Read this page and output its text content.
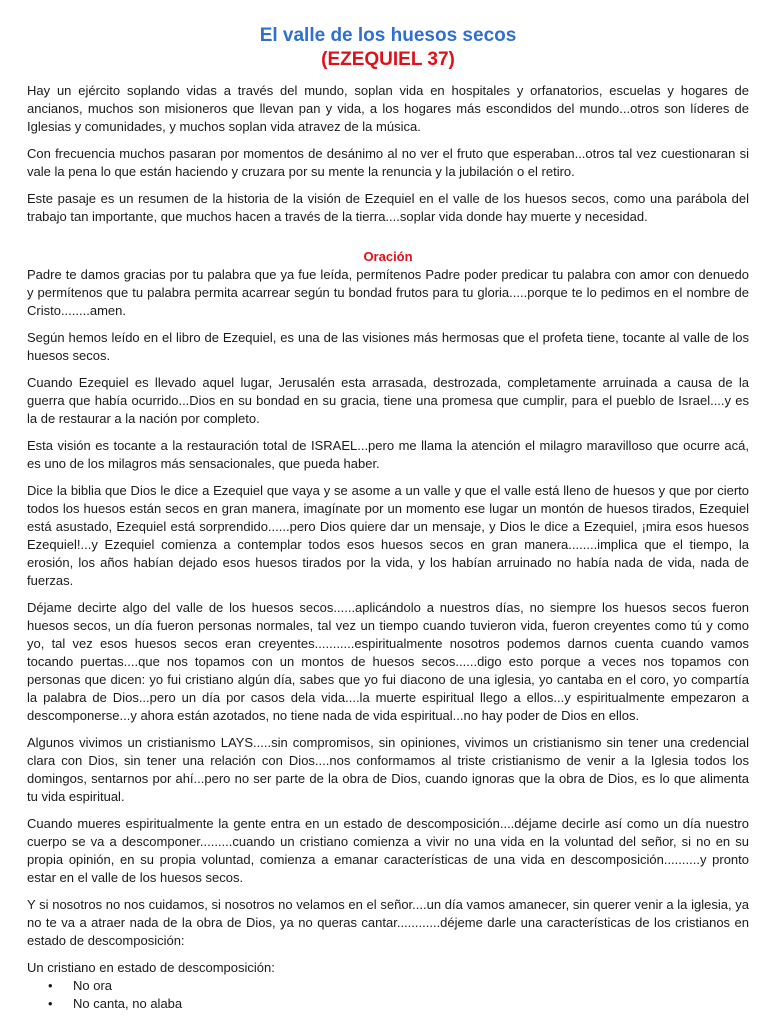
El valle de los huesos secos
(EZEQUIEL 37)

Hay un ejército soplando vidas a través del mundo, soplan vida en hospitales y orfanatorios, escuelas y hogares de ancianos, muchos son misioneros que llevan pan y vida, a los hogares más escondidos del mundo...otros son líderes de Iglesias y comunidades, y muchos soplan vida atravez de la música.

Con frecuencia muchos pasaran por momentos de desánimo al no ver el fruto que esperaban...otros tal vez cuestionaran si vale la pena lo que están haciendo y cruzara por su mente la renuncia y la jubilación o el retiro.

Este pasaje es un resumen de la historia de la visión de Ezequiel en el valle de los huesos secos, como una parábola del trabajo tan importante, que muchos hacen a través de la tierra....soplar vida donde hay muerte y necesidad.

Oración

Padre te damos gracias por tu palabra que ya fue leída, permítenos Padre poder predicar tu palabra con amor con denuedo y permítenos que tu palabra permita acarrear según tu bondad frutos para tu gloria.....porque te lo pedimos en el nombre de Cristo........amen.

Según hemos leído en el libro de Ezequiel, es una de las visiones más hermosas que el profeta tiene, tocante al valle de los huesos secos.

Cuando Ezequiel es llevado aquel lugar, Jerusalén esta arrasada, destrozada, completamente arruinada a causa de la guerra que había ocurrido...Dios en su bondad en su gracia, tiene una promesa que cumplir, para el pueblo de Israel....y es la de restaurar a la nación por completo.

Esta visión es tocante a la restauración total de ISRAEL...pero me llama la atención el milagro maravilloso que ocurre acá, es uno de los milagros más sensacionales, que pueda haber.

Dice la biblia que Dios le dice a Ezequiel que vaya y se asome a un valle y que el valle está lleno de huesos y que por cierto todos los huesos están secos en gran manera, imagínate por un momento ese lugar un montón de huesos tirados, Ezequiel está asustado, Ezequiel está sorprendido......pero Dios quiere dar un mensaje, y Dios le dice a Ezequiel, ¡mira esos huesos Ezequiel!...y Ezequiel comienza a contemplar todos esos huesos secos en gran manera........implica que el tiempo, la erosión, los años habían dejado esos huesos tirados por la vida, y los habían arruinado no había nada de vida, nada de fuerzas.

Déjame decirte algo del valle de los huesos secos......aplicándolo a nuestros días, no siempre los huesos secos fueron huesos secos, un día fueron personas normales, tal vez un tiempo cuando tuvieron vida, fueron creyentes como tú y como yo, tal vez esos huesos secos eran creyentes...........espiritualmente nosotros podemos darnos cuenta cuando vamos tocando puertas....que nos topamos con un montos de huesos secos......digo esto porque a veces nos topamos con personas que dicen: yo fui cristiano algún día, sabes que yo fui diacono de una iglesia, yo cantaba en el coro, yo compartía la palabra de Dios...pero un día por casos dela vida....la muerte espiritual llego a ellos...y espiritualmente empezaron a descomponerse...y ahora están azotados, no tiene nada de vida espiritual...no hay poder de Dios en ellos.

Algunos vivimos un cristianismo LAYS.....sin compromisos, sin opiniones, vivimos un cristianismo sin tener una credencial clara con Dios, sin tener una relación con Dios....nos conformamos al triste cristianismo de venir a la Iglesia todos los domingos, sentarnos por ahí...pero no ser parte de la obra de Dios, cuando ignoras que la obra de Dios, es lo que alimenta tu vida espiritual.

Cuando mueres espiritualmente la gente entra en un estado de descomposición....déjame decirle así como un día nuestro cuerpo se va a descomponer.........cuando un cristiano comienza a vivir no una vida en la voluntad del señor, si no en su propia opinión, en su propia voluntad, comienza a emanar características de una vida en descomposición..........y pronto estar en el valle de los huesos secos.

Y si nosotros no nos cuidamos, si nosotros no velamos en el señor....un día vamos amanecer, sin querer venir a la iglesia, ya no te va a atraer nada de la obra de Dios, ya no queras cantar............déjeme darle una características de los cristianos en estado de descomposición:

Un cristiano en estado de descomposición:
• No ora
• No canta, no alaba
